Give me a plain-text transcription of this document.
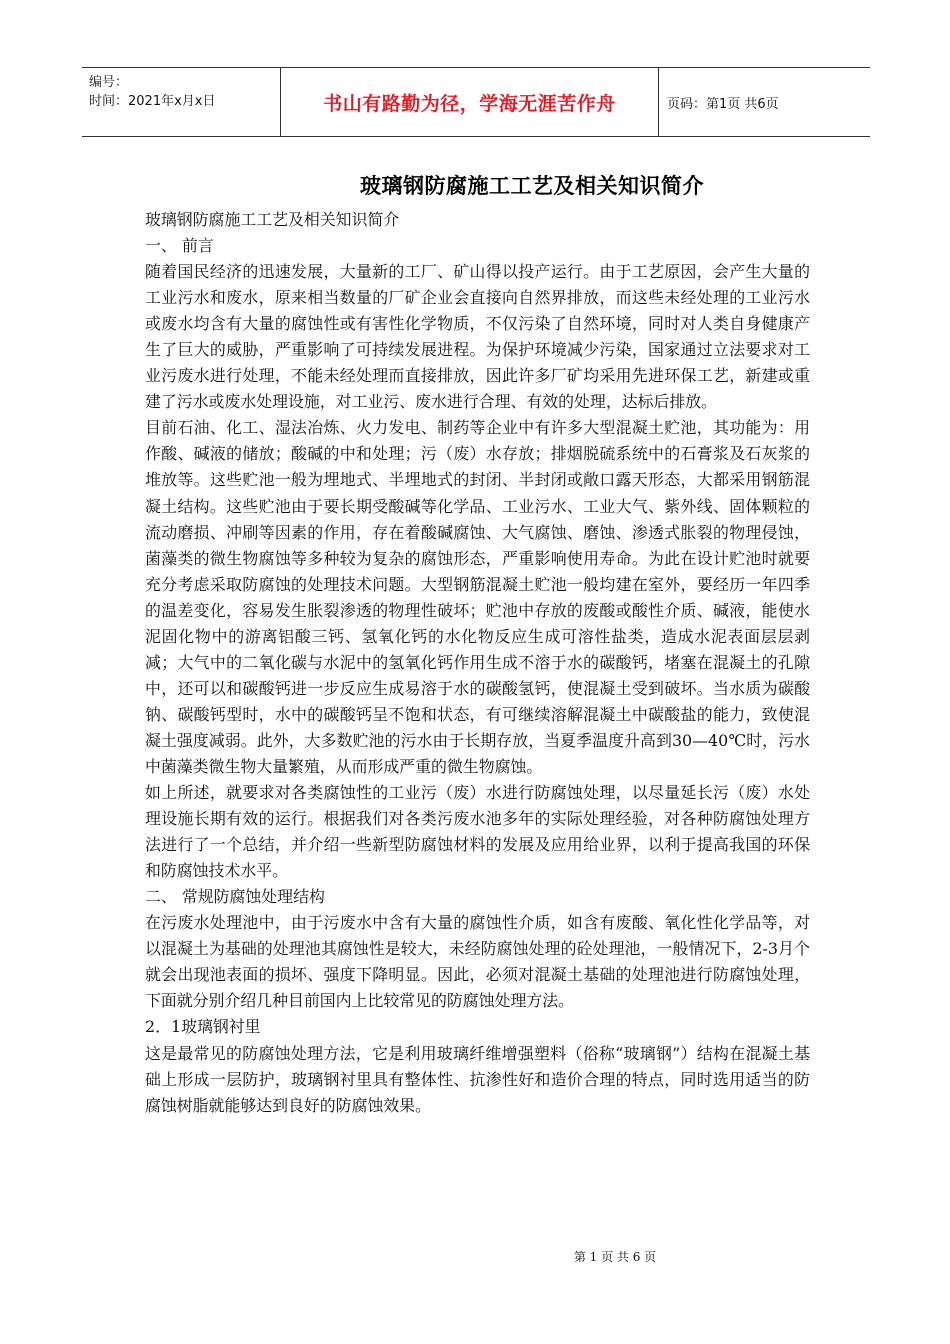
编号：
时间：2021年x月x日	书山有路勤为径，学海无涯苦作舟	页码：第1页 共6页
玻璃钢防腐施工工艺及相关知识简介

玻璃钢防腐施工工艺及相关知识简介

一、 前言

随着国民经济的迅速发展，大量新的工厂、矿山得以投产运行。由于工艺原因，会产生大量的工业污水和废水，原来相当数量的厂矿企业会直接向自然界排放，而这些未经处理的工业污水或废水均含有大量的腐蚀性或有害性化学物质，不仅污染了自然环境，同时对人类自身健康产生了巨大的威胁，严重影响了可持续发展进程。为保护环境减少污染，国家通过立法要求对工业污废水进行处理，不能未经处理而直接排放，因此许多厂矿均采用先进环保工艺，新建或重建了污水或废水处理设施，对工业污、废水进行合理、有效的处理，达标后排放。

目前石油、化工、湿法冶炼、火力发电、制药等企业中有许多大型混凝土贮池，其功能为：用作酸、碱液的储放；酸碱的中和处理；污（废）水存放；排烟脱硫系统中的石膏浆及石灰浆的堆放等。这些贮池一般为埋地式、半埋地式的封闭、半封闭或敞口露天形态，大都采用钢筋混凝土结构。这些贮池由于要长期受酸碱等化学品、工业污水、工业大气、紫外线、固体颗粒的流动磨损、冲刷等因素的作用，存在着酸碱腐蚀、大气腐蚀、磨蚀、渗透式胀裂的物理侵蚀，菌藻类的微生物腐蚀等多种较为复杂的腐蚀形态，严重影响使用寿命。为此在设计贮池时就要充分考虑采取防腐蚀的处理技术问题。大型钢筋混凝土贮池一般均建在室外，要经历一年四季的温差变化，容易发生胀裂渗透的物理性破坏；贮池中存放的废酸或酸性介质、碱液，能使水泥固化物中的游离铝酸三钙、氢氧化钙的水化物反应生成可溶性盐类，造成水泥表面层层剥减；大气中的二氧化碳与水泥中的氢氧化钙作用生成不溶于水的碳酸钙，堵塞在混凝土的孔隙中，还可以和碳酸钙进一步反应生成易溶于水的碳酸氢钙，使混凝土受到破坏。当水质为碳酸钠、碳酸钙型时，水中的碳酸钙呈不饱和状态，有可继续溶解混凝土中碳酸盐的能力，致使混凝土强度减弱。此外，大多数贮池的污水由于长期存放，当夏季温度升高到30—40℃时，污水中菌藻类微生物大量繁殖，从而形成严重的微生物腐蚀。

如上所述，就要求对各类腐蚀性的工业污（废）水进行防腐蚀处理，以尽量延长污（废）水处理设施长期有效的运行。根据我们对各类污废水池多年的实际处理经验，对各种防腐蚀处理方法进行了一个总结，并介绍一些新型防腐蚀材料的发展及应用给业界，以利于提高我国的环保和防腐蚀技术水平。

二、 常规防腐蚀处理结构

在污废水处理池中，由于污废水中含有大量的腐蚀性介质，如含有废酸、氧化性化学品等，对以混凝土为基础的处理池其腐蚀性是较大，未经防腐蚀处理的砼处理池，一般情况下，2-3月个就会出现池表面的损坏、强度下降明显。因此，必须对混凝土基础的处理池进行防腐蚀处理，下面就分别介绍几种目前国内上比较常见的防腐蚀处理方法。

2．1玻璃钢衬里

这是最常见的防腐蚀处理方法，它是利用玻璃纤维增强塑料（俗称“玻璃钢”）结构在混凝土基础上形成一层防护，玻璃钢衬里具有整体性、抗渗性好和造价合理的特点，同时选用适当的防腐蚀树脂就能够达到良好的防腐蚀效果。

第 1 页 共 6 页
